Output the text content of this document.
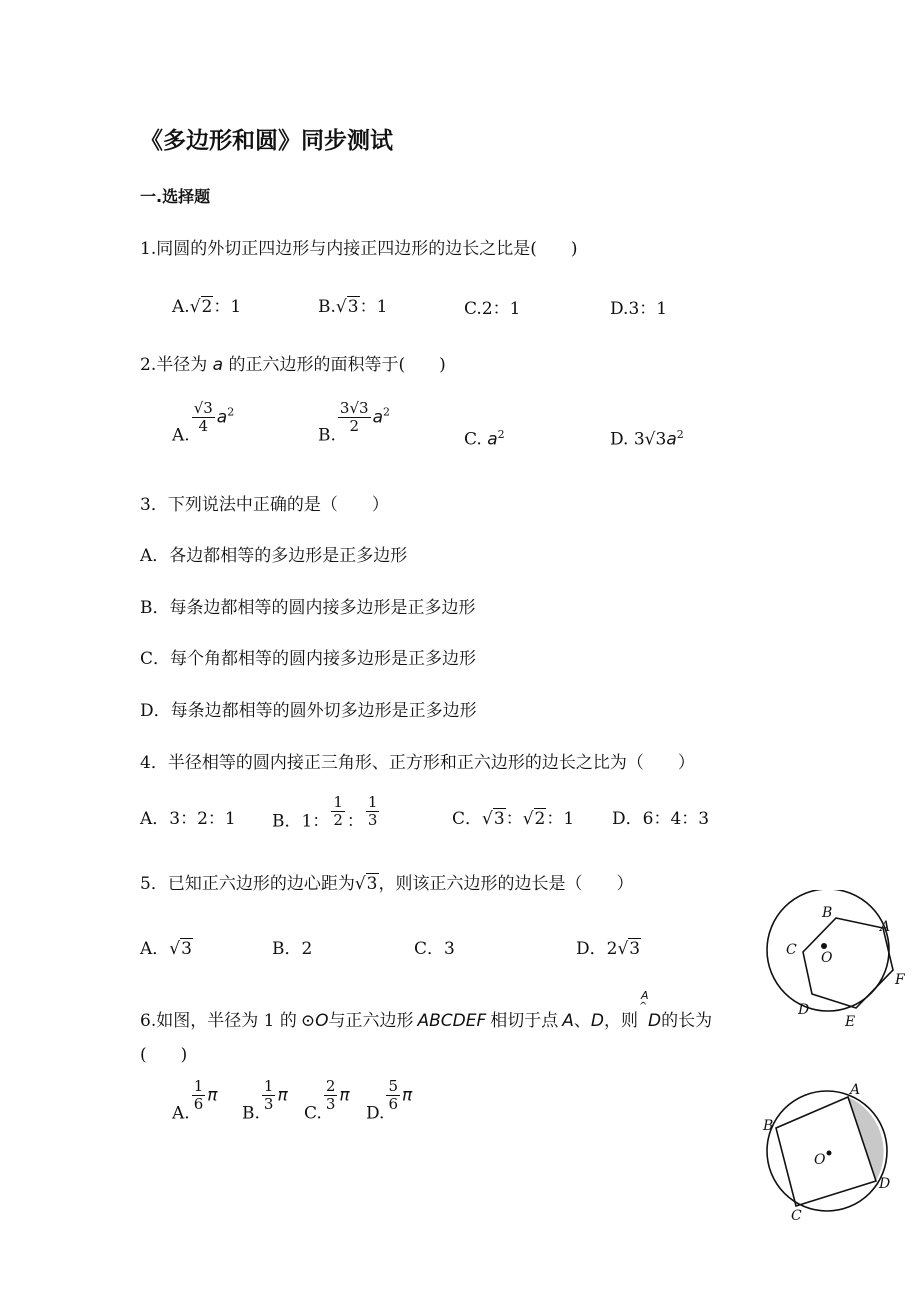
《多边形和圆》同步测试
一.选择题
1.同圆的外切正四边形与内接正四边形的边长之比是(　　)
A.√2：1	B.√3：1	C.2：1	D.3：1
2.半径为 a 的正六边形的面积等于(　　)
A. $\frac{√3}{4} a^2$
B. $\frac{3√3}{2} a^2$
C. $a^2$	D. $3√3a^2$
3．下列说法中正确的是（　　）
A．各边都相等的多边形是正多边形
B．每条边都相等的圆内接多边形是正多边形
C．每个角都相等的圆内接多边形是正多边形
D．每条边都相等的圆外切多边形是正多边形
4．半径相等的圆内接正三角形、正方形和正六边形的边长之比为（　　）
A．3：2：1 B．1： $\frac{1}{2}$ ： $\frac{1}{3}$	C．√3：√2：1 D．6：4：3
5．已知正六边形的边心距为√3，则该正六边形的边长是（　　）
A．√3	B．2	C．3	D．2√3
6.如图，半径为 1 的 ⊙O与正六边形 ABCDEF 相切于点 A、D，则
A
^
D的长为
(　　)
A. $\frac{1}{6}$ π
B. $\frac{1}{3}$ π
C. $\frac{2}{3}$ π
D. $\frac{5}{6}$ π
B
A
C O
F
D
E
A
B
O
D
C
